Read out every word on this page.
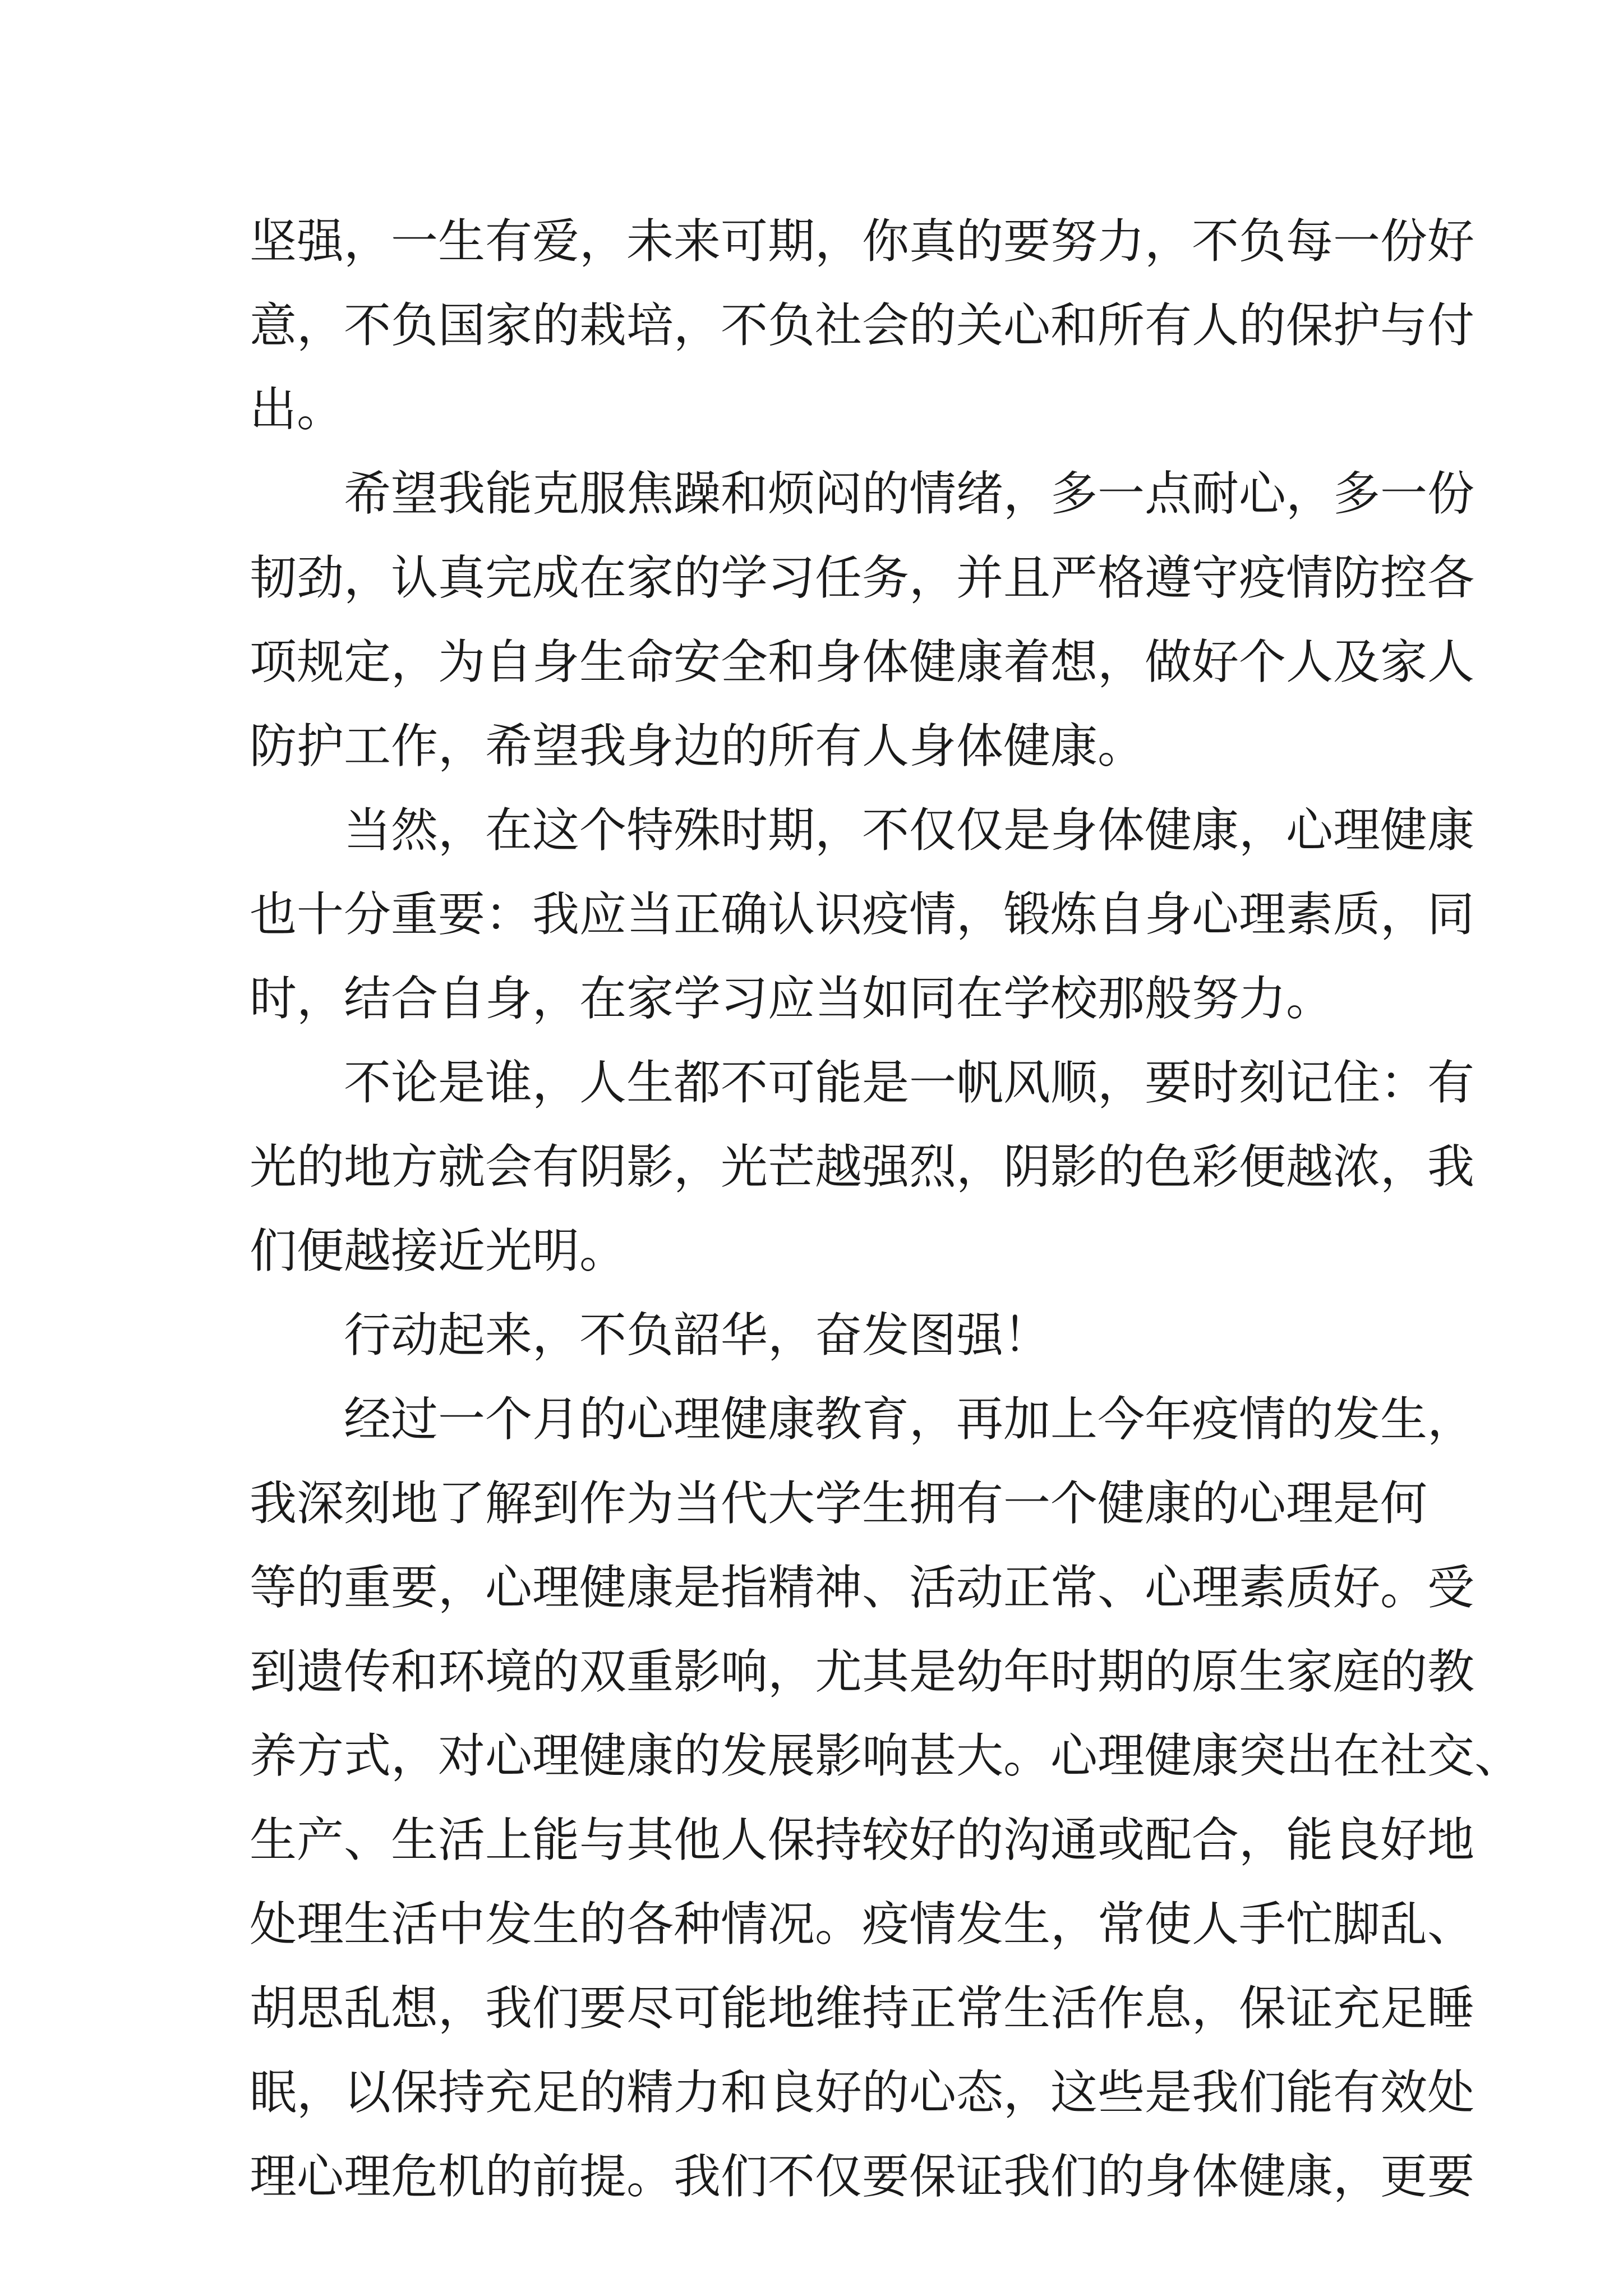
坚强，一生有爱，未来可期，你真的要努力，不负每一份好
意，不负国家的栽培，不负社会的关心和所有人的保护与付
出。
希望我能克服焦躁和烦闷的情绪，多一点耐心，多一份
韧劲，认真完成在家的学习任务，并且严格遵守疫情防控各
项规定，为自身生命安全和身体健康着想，做好个人及家人
防护工作，希望我身边的所有人身体健康。
当然，在这个特殊时期，不仅仅是身体健康，心理健康
也十分重要：我应当正确认识疫情，锻炼自身心理素质，同
时，结合自身，在家学习应当如同在学校那般努力。
不论是谁，人生都不可能是一帆风顺，要时刻记住：有
光的地方就会有阴影，光芒越强烈，阴影的色彩便越浓，我
们便越接近光明。
行动起来，不负韶华，奋发图强！
经过一个月的心理健康教育，再加上今年疫情的发生，
我深刻地了解到作为当代大学生拥有一个健康的心理是何
等的重要，心理健康是指精神、活动正常、心理素质好。受
到遗传和环境的双重影响，尤其是幼年时期的原生家庭的教
养方式，对心理健康的发展影响甚大。心理健康突出在社交、
生产、生活上能与其他人保持较好的沟通或配合，能良好地
处理生活中发生的各种情况。疫情发生，常使人手忙脚乱、
胡思乱想，我们要尽可能地维持正常生活作息，保证充足睡
眠，以保持充足的精力和良好的心态，这些是我们能有效处
理心理危机的前提。我们不仅要保证我们的身体健康，更要
